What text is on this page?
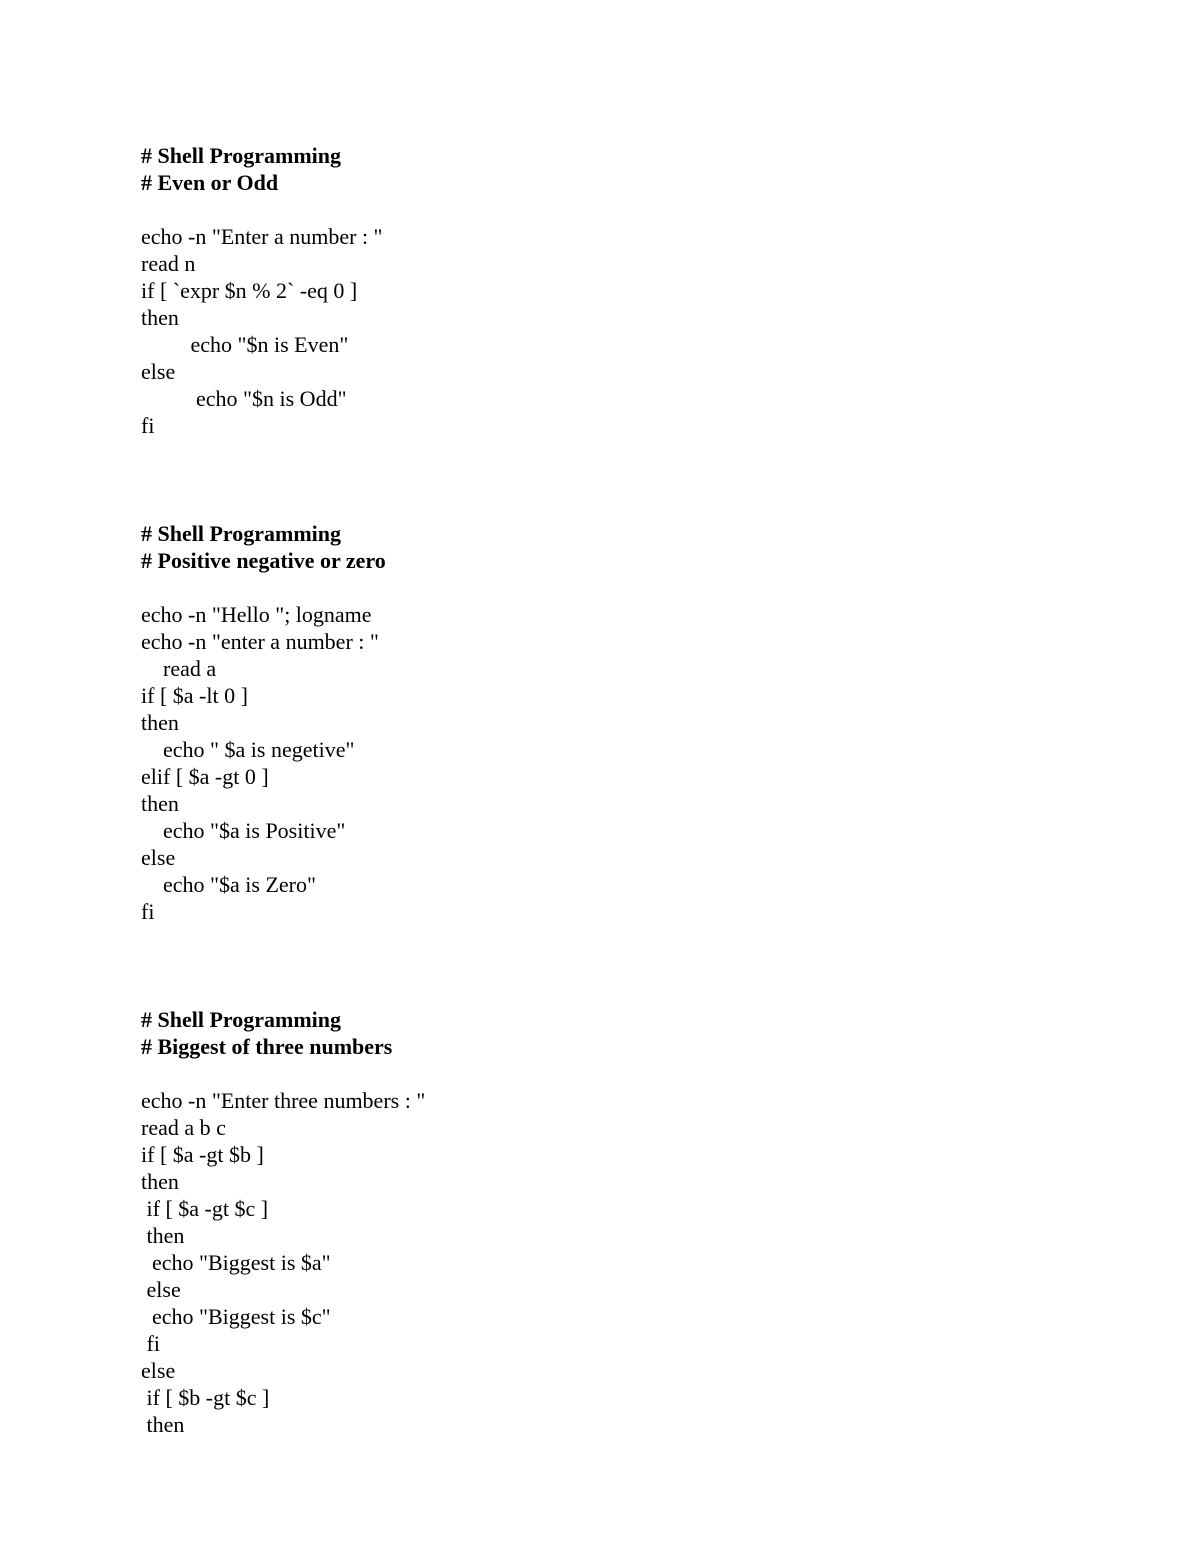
# Shell Programming
# Even or Odd
echo -n "Enter a number : "
read n
if [ `expr $n % 2` -eq 0 ]
then
echo "$n is Even"
else
echo "$n is Odd"
fi
# Shell Programming
# Positive negative or zero
echo -n "Hello "; logname
echo -n "enter a number : "
read a
if [ $a -lt 0 ]
then
echo " $a is negetive"
elif [ $a -gt 0 ]
then
echo "$a is Positive"
else
echo "$a is Zero"
fi
# Shell Programming
# Biggest of three numbers
echo -n "Enter three numbers : "
read a b c
if [ $a -gt $b ]
then
if [ $a -gt $c ]
then
echo "Biggest is $a"
else
echo "Biggest is $c"
fi
else
if [ $b -gt $c ]
then
